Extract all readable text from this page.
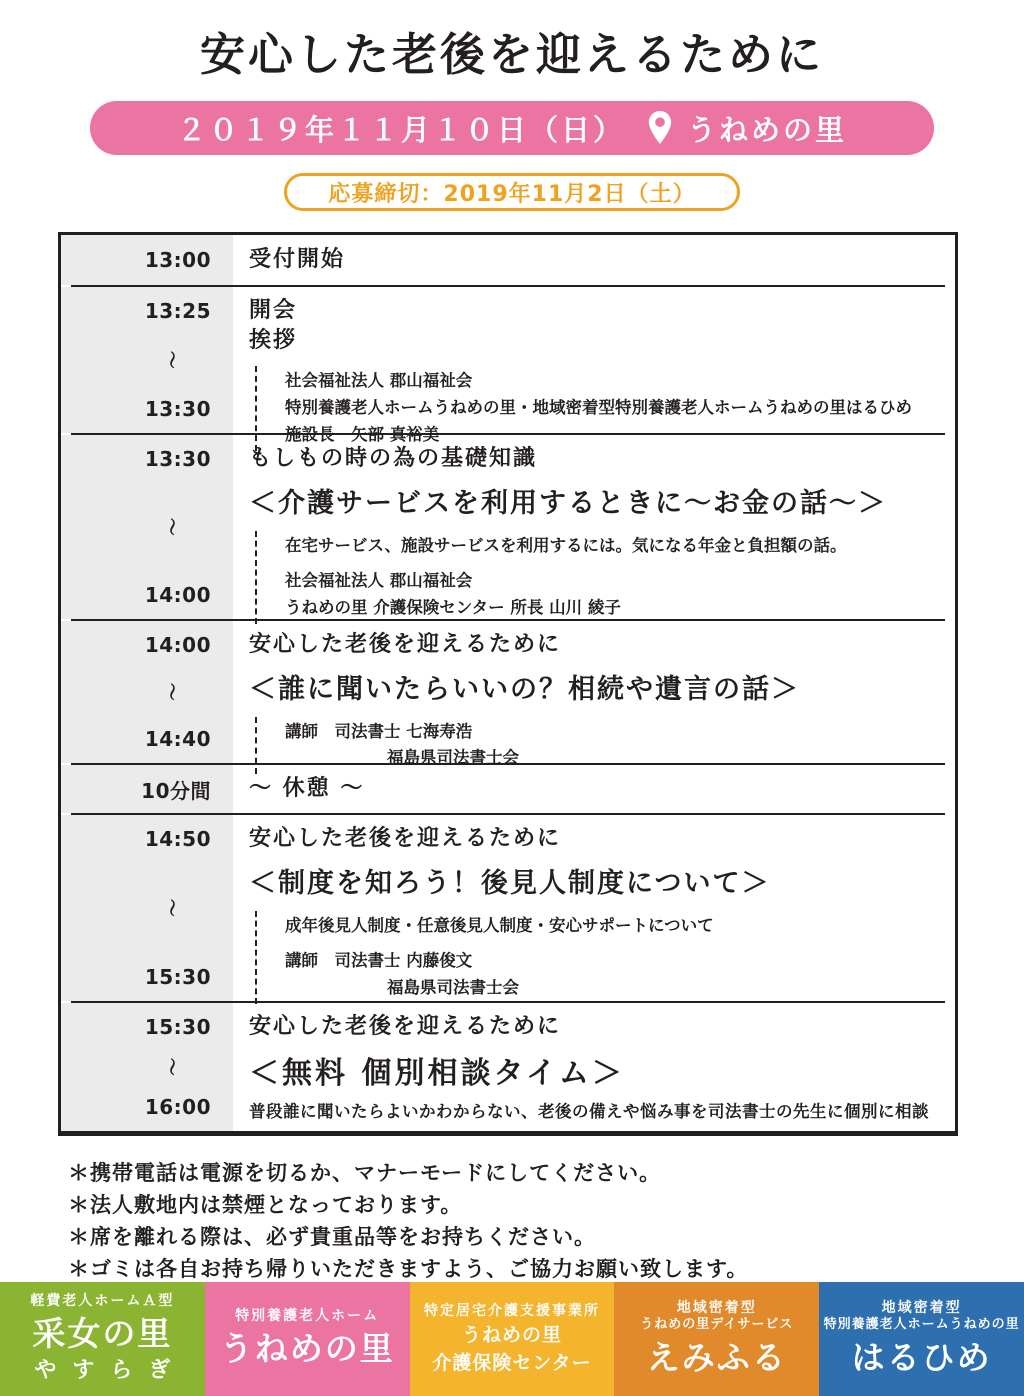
安心した老後を迎えるために
２０１９年１１月１０日（日） うねめの里
応募締切：2019年11月2日（土）
13:00 受付開始
13:25
〜
13:30
開会
挨拶
社会福祉法人 郡山福祉会
特別養護老人ホームうねめの里・地域密着型特別養護老人ホームうねめの里はるひめ
施設長　矢部 真裕美
13:30
〜
14:00
もしもの時の為の基礎知識
＜介護サービスを利用するときに～お金の話～＞
在宅サービス、施設サービスを利用するには。気になる年金と負担額の話。
社会福祉法人 郡山福祉会
うねめの里 介護保険センター 所長 山川 綾子
14:00
〜
14:40
安心した老後を迎えるために
＜誰に聞いたらいいの？相続や遺言の話＞
講師　司法書士 七海寿浩
福島県司法書士会
10分間 ～ 休憩 ～
14:50
〜
15:30
安心した老後を迎えるために
＜制度を知ろう！後見人制度について＞
成年後見人制度・任意後見人制度・安心サポートについて
講師　司法書士 内藤俊文
福島県司法書士会
15:30
〜
16:00
安心した老後を迎えるために
＜無料 個別相談タイム＞
普段誰に聞いたらよいかわからない、老後の備えや悩み事を司法書士の先生に個別に相談
＊携帯電話は電源を切るか、マナーモードにしてください。
＊法人敷地内は禁煙となっております。
＊席を離れる際は、必ず貴重品等をお持ちください。
＊ゴミは各自お持ち帰りいただきますよう、ご協力お願い致します。
軽費老人ホームＡ型
采女の里
やすらぎ
特別養護老人ホーム
うねめの里
特定居宅介護支援事業所
うねめの里
介護保険センター
地域密着型
うねめの里デイサービス
えみふる
地域密着型
特別養護老人ホームうねめの里
はるひめ
